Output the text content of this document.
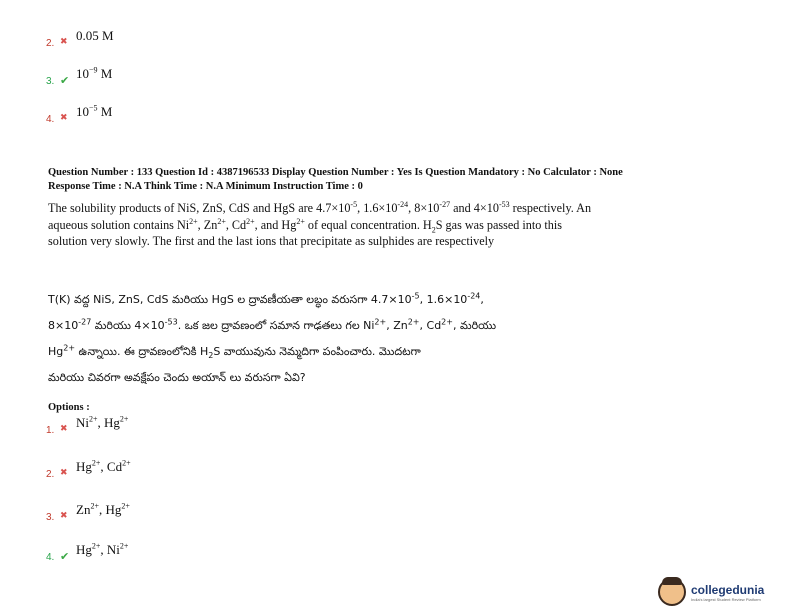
2. ✖ 0.05 M
3. ✔ $10^{-9}$ M
4. ✖ $10^{-5}$ M
Question Number : 133 Question Id : 4387196533 Display Question Number : Yes Is Question Mandatory : No Calculator : None
Response Time : N.A Think Time : N.A Minimum Instruction Time : 0
The solubility products of NiS, ZnS, CdS and HgS are $4.7\times 10^{-5}$, $1.6\times 10^{-24}$, $8\times 10^{-27}$ and $4\times 10^{-53}$ respectively. An aqueous solution contains $Ni^{2+}$, $Zn^{2+}$, $Cd^{2+}$, and $Hg^{2+}$ of equal concentration. $H_2S$ gas was passed into this solution very slowly. The first and the last ions that precipitate as sulphides are respectively
T(K) వద్ద NiS, ZnS, CdS మరియు HgS ల ద్రావణీయతా లబ్ధం వరుసగా $4.7\times 10^{-5}$, $1.6\times 10^{-24}$,
$8\times 10^{-27}$ మరియు $4\times 10^{-53}$. ఒక జల ద్రావణంలో సమాన గాఢతలు గల $Ni^{2+}$, $Zn^{2+}$, $Cd^{2+}$, మరియు
$Hg^{2+}$ ఉన్నాయి. ఈ ద్రావణంలోనికి $H_2S$ వాయువును నెమ్మదిగా పంపించారు. మొదటగా
మరియు చివరగా అవక్షేపం చెందు అయాన్ లు వరుసగా ఏవి?
Options :
1. ✖ $Ni^{2+}$, $Hg^{2+}$
2. ✖ $Hg^{2+}$, $Cd^{2+}$
3. ✖ $Zn^{2+}$, $Hg^{2+}$
4. ✔ $Hg^{2+}$, $Ni^{2+}$
collegedunia
India's largest Student Review Platform
